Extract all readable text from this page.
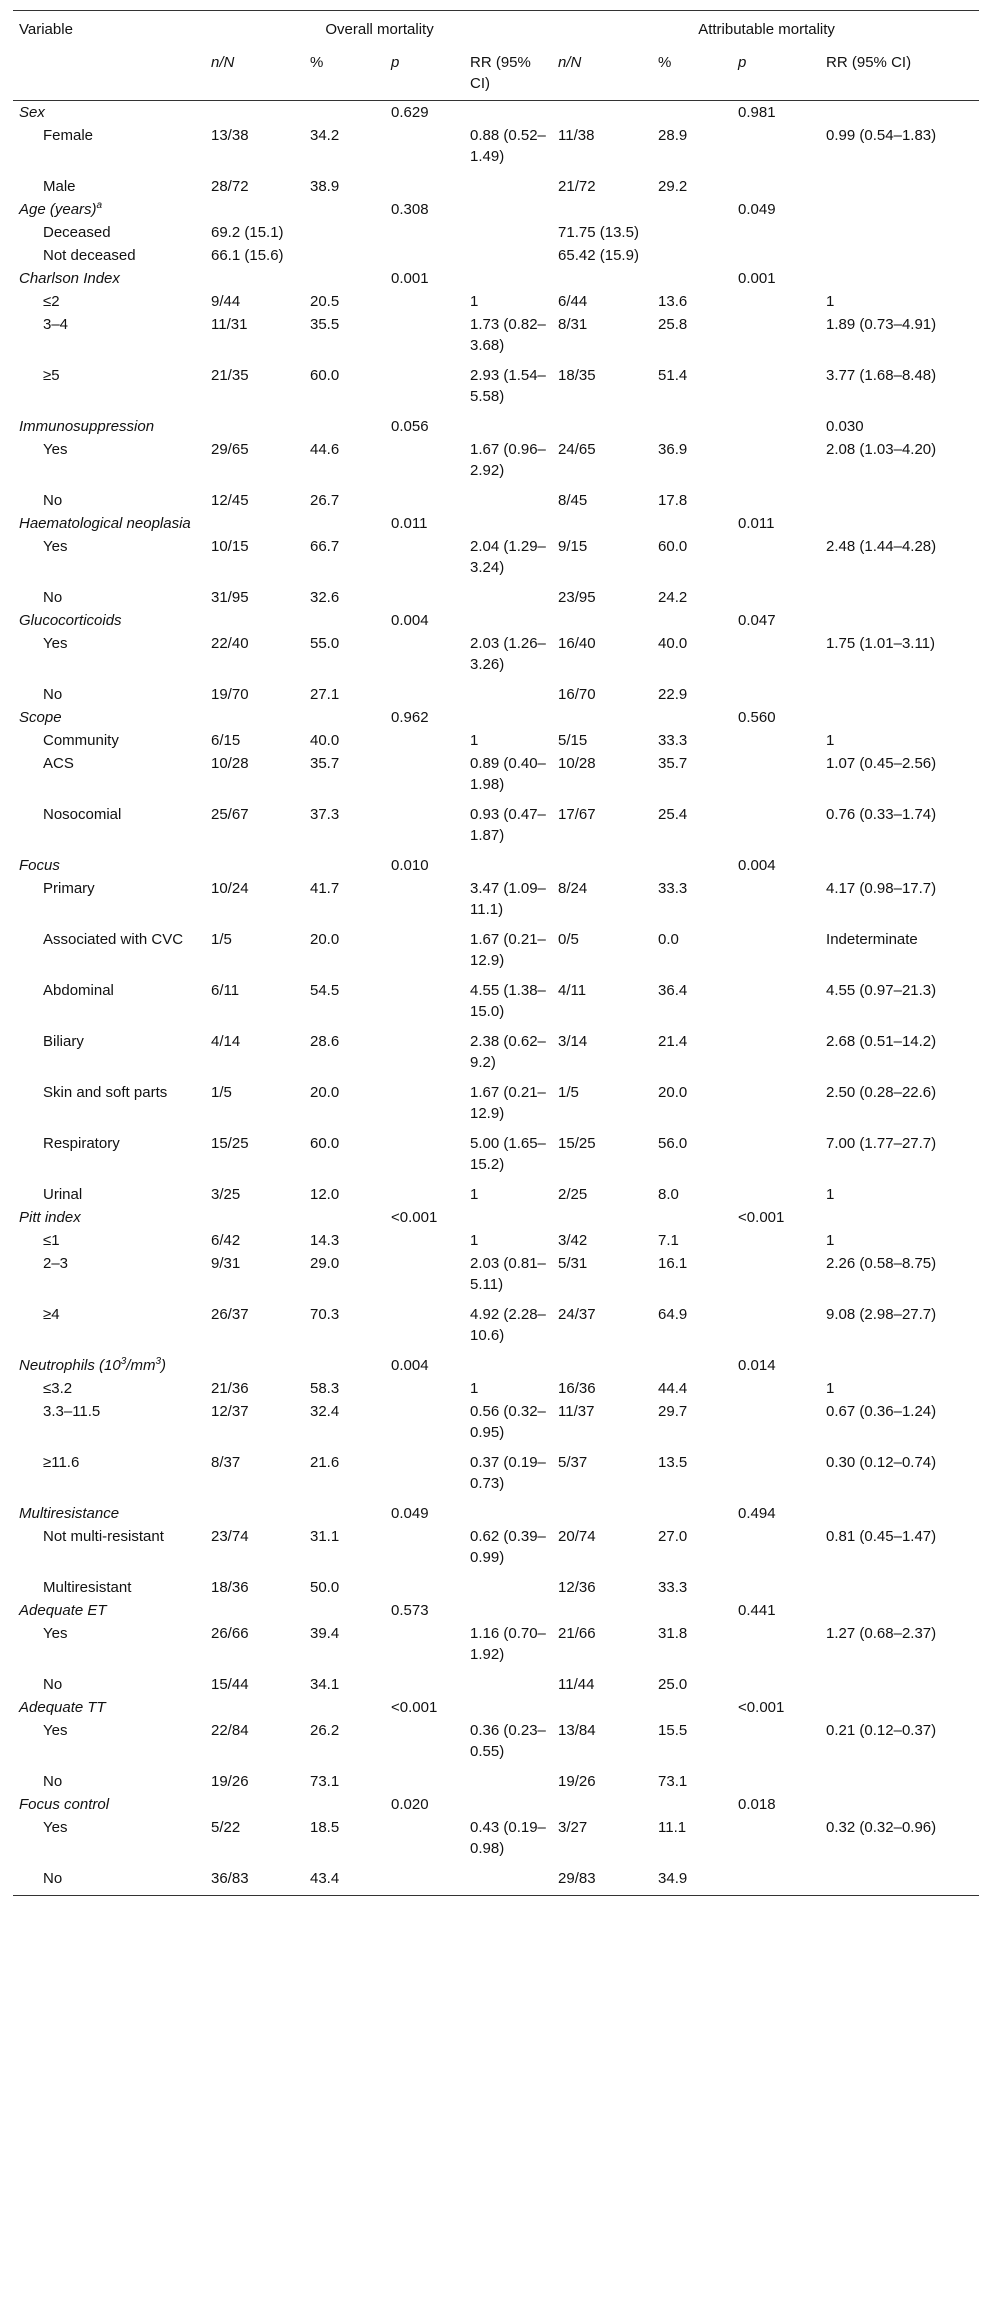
Variable	Overall mortality				Attributable mortality			
	n/N	%	p	RR (95% CI)	n/N	%	p	RR (95% CI)
Sex			0.629				0.981	
Female	13/38	34.2		0.88 (0.52–1.49)	11/38	28.9		0.99 (0.54–1.83)
Male	28/72	38.9			21/72	29.2		
Age (years)$^a$			0.308				0.049	
Deceased	69.2 (15.1)				71.75 (13.5)			
Not deceased	66.1 (15.6)				65.42 (15.9)			
Charlson Index			0.001				0.001	
≤2	9/44	20.5		1	6/44	13.6		1
3–4	11/31	35.5		1.73 (0.82–3.68)	8/31	25.8		1.89 (0.73–4.91)
≥5	21/35	60.0		2.93 (1.54–5.58)	18/35	51.4		3.77 (1.68–8.48)
Immunosuppression			0.056					0.030
Yes	29/65	44.6		1.67 (0.96–2.92)	24/65	36.9		2.08 (1.03–4.20)
No	12/45	26.7			8/45	17.8		
Haematological neoplasia			0.011				0.011	
Yes	10/15	66.7		2.04 (1.29–3.24)	9/15	60.0		2.48 (1.44–4.28)
No	31/95	32.6			23/95	24.2		
Glucocorticoids			0.004				0.047	
Yes	22/40	55.0		2.03 (1.26–3.26)	16/40	40.0		1.75 (1.01–3.11)
No	19/70	27.1			16/70	22.9		
Scope			0.962				0.560	
Community	6/15	40.0		1	5/15	33.3		1
ACS	10/28	35.7		0.89 (0.40–1.98)	10/28	35.7		1.07 (0.45–2.56)
Nosocomial	25/67	37.3		0.93 (0.47–1.87)	17/67	25.4		0.76 (0.33–1.74)
Focus			0.010				0.004	
Primary	10/24	41.7		3.47 (1.09–11.1)	8/24	33.3		4.17 (0.98–17.7)
Associated with CVC	1/5	20.0		1.67 (0.21–12.9)	0/5	0.0		Indeterminate
Abdominal	6/11	54.5		4.55 (1.38–15.0)	4/11	36.4		4.55 (0.97–21.3)
Biliary	4/14	28.6		2.38 (0.62–9.2)	3/14	21.4		2.68 (0.51–14.2)
Skin and soft parts	1/5	20.0		1.67 (0.21–12.9)	1/5	20.0		2.50 (0.28–22.6)
Respiratory	15/25	60.0		5.00 (1.65–15.2)	15/25	56.0		7.00 (1.77–27.7)
Urinal	3/25	12.0		1	2/25	8.0		1
Pitt index			<0.001				<0.001	
≤1	6/42	14.3		1	3/42	7.1		1
2–3	9/31	29.0		2.03 (0.81–5.11)	5/31	16.1		2.26 (0.58–8.75)
≥4	26/37	70.3		4.92 (2.28–10.6)	24/37	64.9		9.08 (2.98–27.7)
Neutrophils $(10^3/mm^3)$			0.004				0.014	
≤3.2	21/36	58.3		1	16/36	44.4		1
3.3–11.5	12/37	32.4		0.56 (0.32–0.95)	11/37	29.7		0.67 (0.36–1.24)
≥11.6	8/37	21.6		0.37 (0.19–0.73)	5/37	13.5		0.30 (0.12–0.74)
Multiresistance			0.049				0.494	
Not multi-resistant	23/74	31.1		0.62 (0.39–0.99)	20/74	27.0		0.81 (0.45–1.47)
Multiresistant	18/36	50.0			12/36	33.3		
Adequate ET			0.573				0.441	
Yes	26/66	39.4		1.16 (0.70–1.92)	21/66	31.8		1.27 (0.68–2.37)
No	15/44	34.1			11/44	25.0		
Adequate TT			<0.001				<0.001	
Yes	22/84	26.2		0.36 (0.23–0.55)	13/84	15.5		0.21 (0.12–0.37)
No	19/26	73.1			19/26	73.1		
Focus control			0.020				0.018	
Yes	5/22	18.5		0.43 (0.19–0.98)	3/27	11.1		0.32 (0.32–0.96)
No	36/83	43.4			29/83	34.9		
